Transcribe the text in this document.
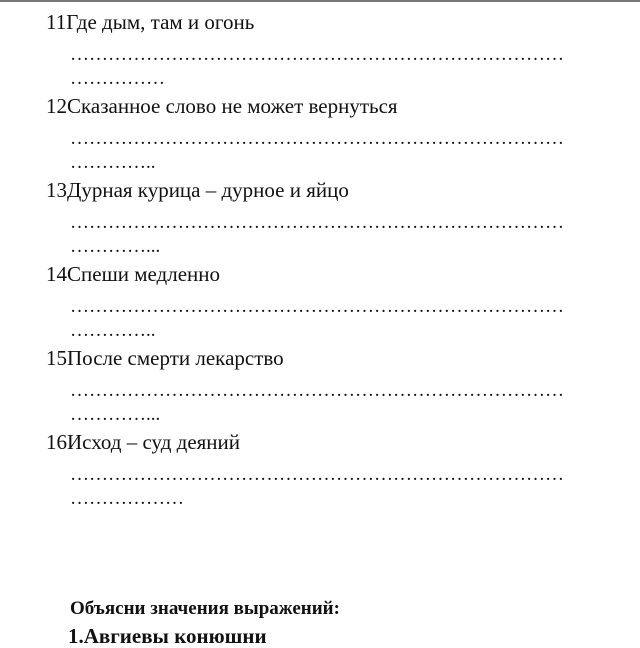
11Где дым, там и огонь
……………………………………………………………………
……………
12Сказанное слово не может вернуться
……………………………………………………………………
…………..
13Дурная курица – дурное и яйцо
……………………………………………………………………
…………...
14Спеши медленно
……………………………………………………………………
…………..
15После смерти лекарство
……………………………………………………………………
…………...
16Исход – суд деяний
……………………………………………………………………
………………
Объясни значения выражений:
1.Авгиевы конюшни
